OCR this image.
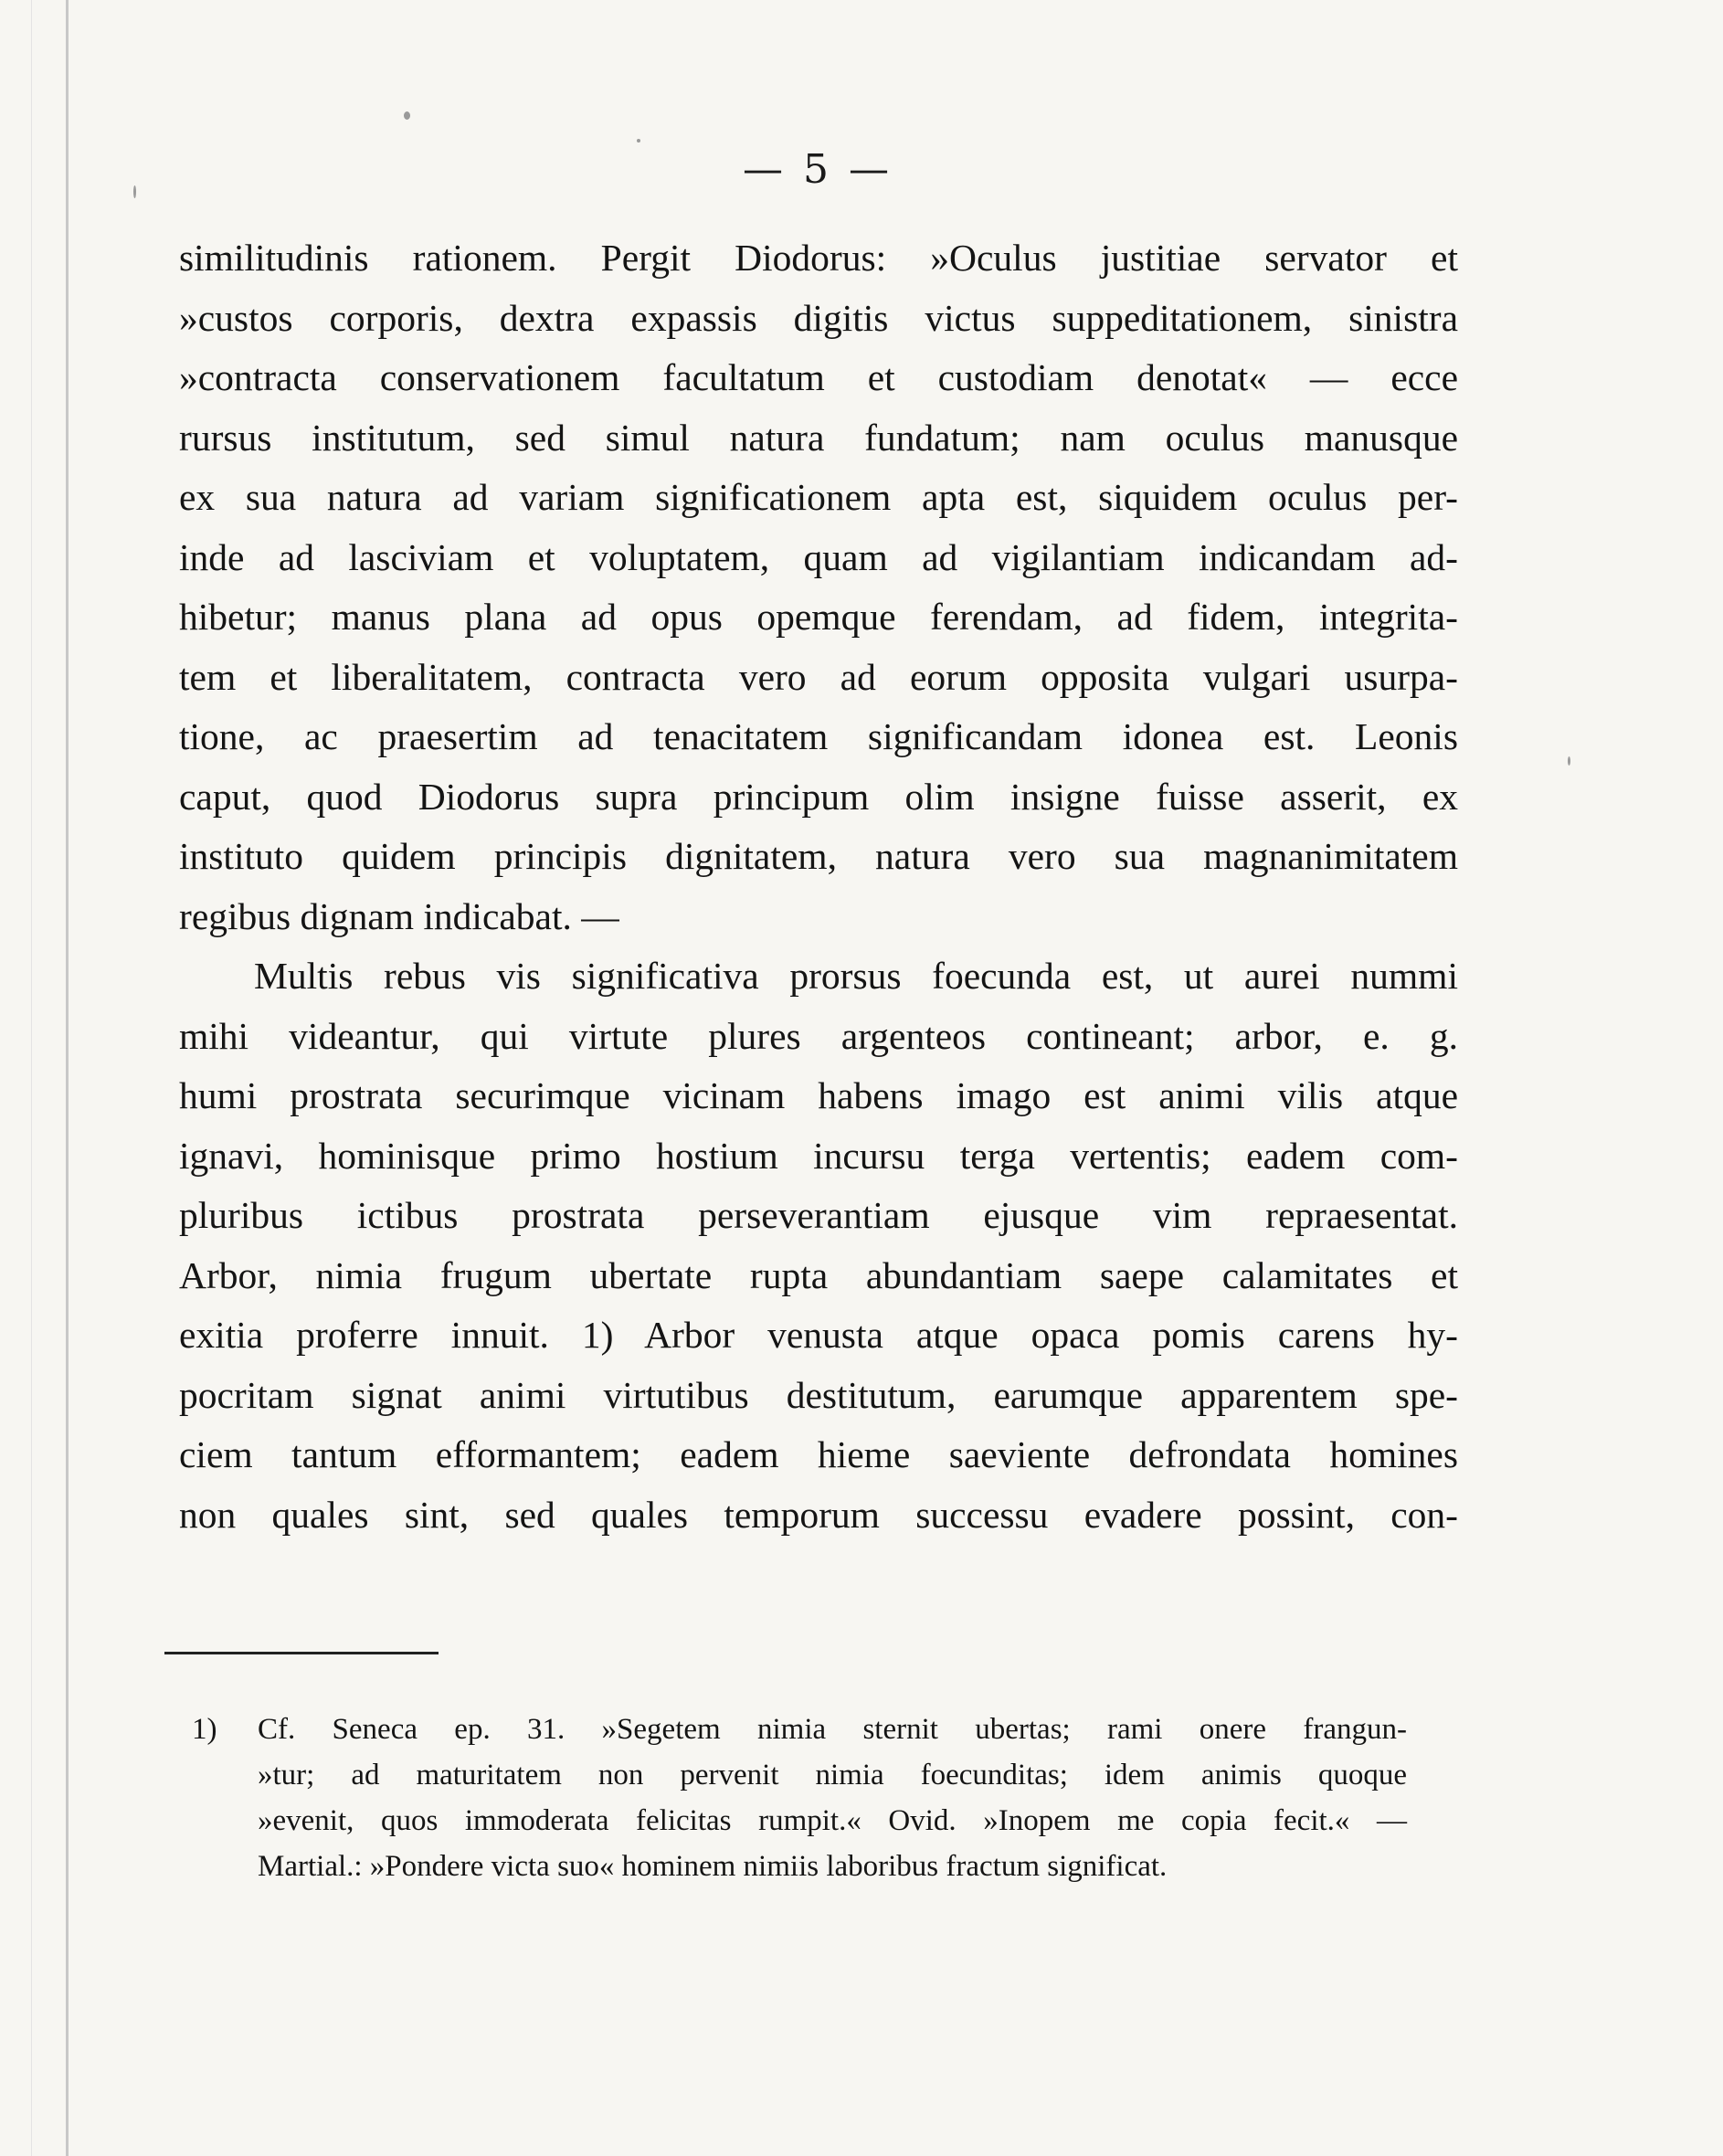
— 5 —
similitudinis rationem. Pergit Diodorus: »Oculus justitiae servator et
»custos corporis, dextra expassis digitis victus suppeditationem, sinistra
»contracta conservationem facultatum et custodiam denotat« — ecce
rursus institutum, sed simul natura fundatum; nam oculus manusque
ex sua natura ad variam significationem apta est, siquidem oculus per-
inde ad lasciviam et voluptatem, quam ad vigilantiam indicandam ad-
hibetur; manus plana ad opus opemque ferendam, ad fidem, integrita-
tem et liberalitatem, contracta vero ad eorum opposita vulgari usurpa-
tione, ac praesertim ad tenacitatem significandam idonea est. Leonis
caput, quod Diodorus supra principum olim insigne fuisse asserit, ex
instituto quidem principis dignitatem, natura vero sua magnanimitatem
regibus dignam indicabat. —
Multis rebus vis significativa prorsus foecunda est, ut aurei nummi
mihi videantur, qui virtute plures argenteos contineant; arbor, e. g.
humi prostrata securimque vicinam habens imago est animi vilis atque
ignavi, hominisque primo hostium incursu terga vertentis; eadem com-
pluribus ictibus prostrata perseverantiam ejusque vim repraesentat.
Arbor, nimia frugum ubertate rupta abundantiam saepe calamitates et
exitia proferre innuit. 1) Arbor venusta atque opaca pomis carens hy-
pocritam signat animi virtutibus destitutum, earumque apparentem spe-
ciem tantum efformantem; eadem hieme saeviente defrondata homines
non quales sint, sed quales temporum successu evadere possint, con-
1) Cf. Seneca ep. 31. »Segetem nimia sternit ubertas; rami onere frangun-
»tur; ad maturitatem non pervenit nimia foecunditas; idem animis quoque
»evenit, quos immoderata felicitas rumpit.« Ovid. »Inopem me copia fecit.« —
Martial.: »Pondere victa suo« hominem nimiis laboribus fractum significat.
